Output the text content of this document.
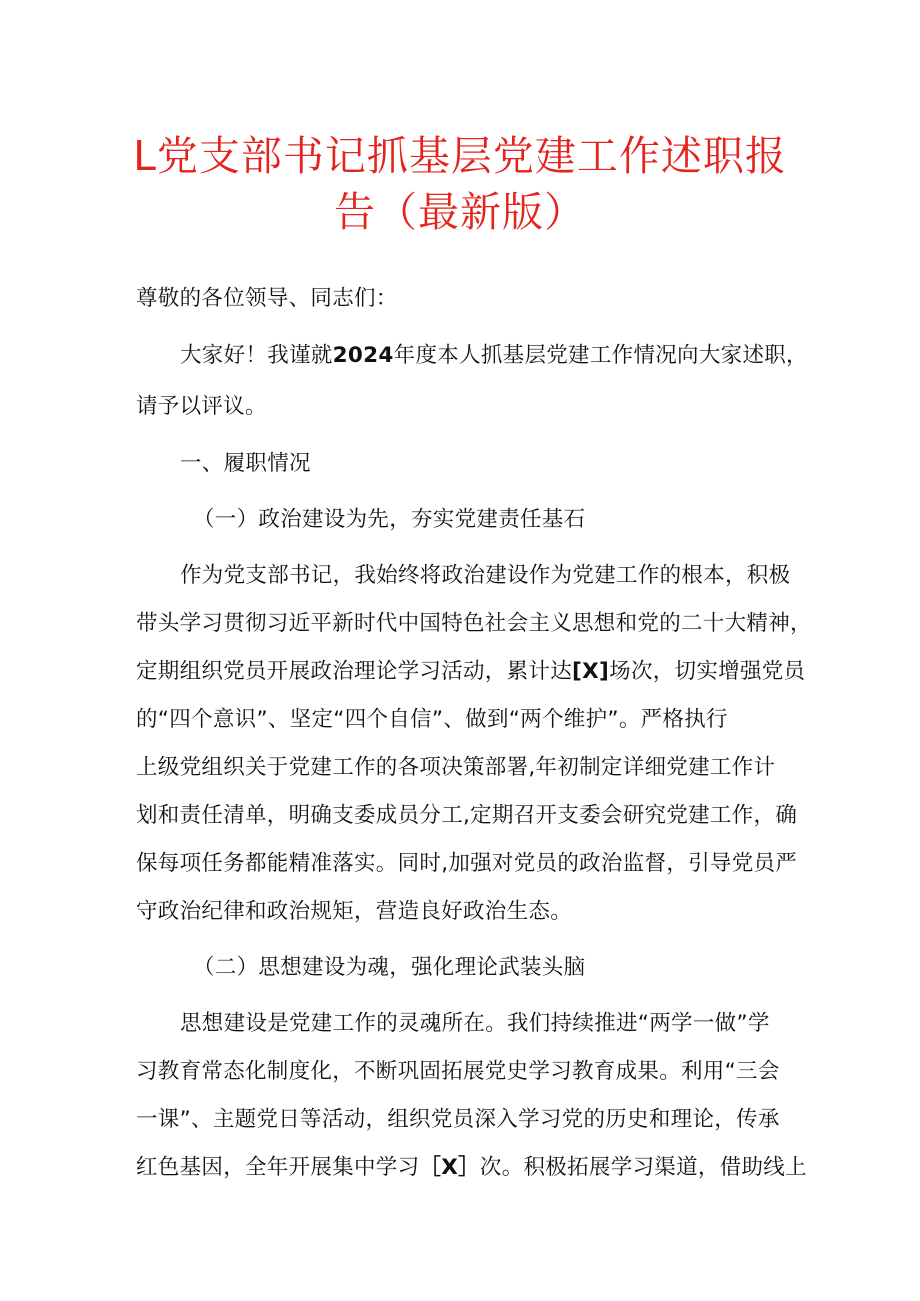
L党支部书记抓基层党建工作述职报
告（最新版）
尊敬的各位领导、同志们：
大家好！我谨就2024年度本人抓基层党建工作情况向大家述职，
请予以评议。
一、履职情况
（一）政治建设为先，夯实党建责任基石
作为党支部书记，我始终将政治建设作为党建工作的根本，积极
带头学习贯彻习近平新时代中国特色社会主义思想和党的二十大精神，
定期组织党员开展政治理论学习活动，累计达[X]场次，切实增强党员
的“四个意识”、坚定“四个自信”、做到“两个维护”。严格执行
上级党组织关于党建工作的各项决策部署,年初制定详细党建工作计
划和责任清单，明确支委成员分工,定期召开支委会研究党建工作，确
保每项任务都能精准落实。同时,加强对党员的政治监督，引导党员严
守政治纪律和政治规矩，营造良好政治生态。
（二）思想建设为魂，强化理论武装头脑
思想建设是党建工作的灵魂所在。我们持续推进“两学一做”学
习教育常态化制度化，不断巩固拓展党史学习教育成果。利用“三会
一课”、主题党日等活动，组织党员深入学习党的历史和理论，传承
红色基因，全年开展集中学习［X］次。积极拓展学习渠道，借助线上
